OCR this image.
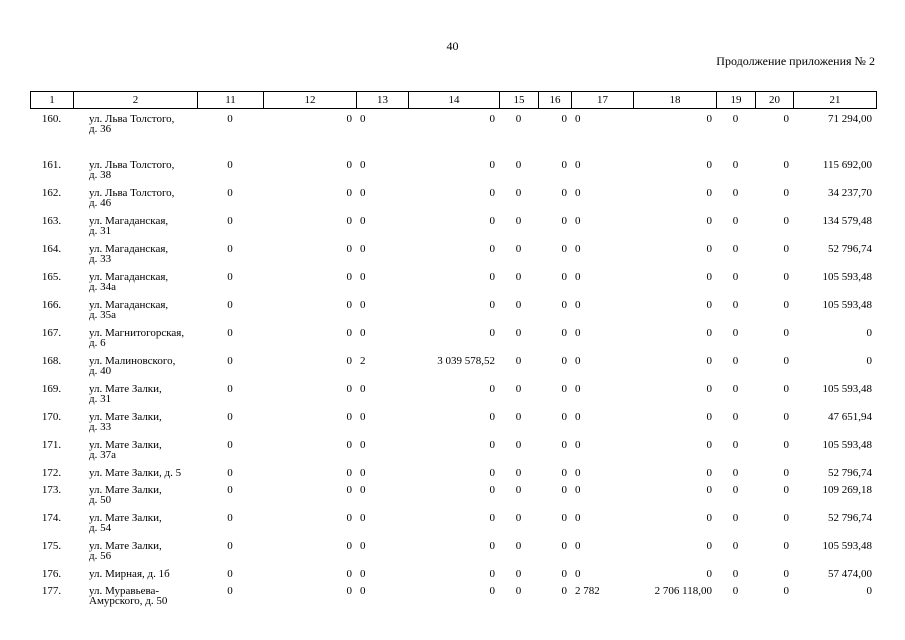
40
Продолжение приложения № 2
1	2	11	12	13	14	15	16	17	18	19	20	21
160.	ул. Льва Толстого,
д. 36	0	0	0	0	0	0	0	0	0	0	71 294,00
161.	ул. Льва Толстого,
д. 38	0	0	0	0	0	0	0	0	0	0	115 692,00
162.	ул. Льва Толстого,
д. 46	0	0	0	0	0	0	0	0	0	0	34 237,70
163.	ул. Магаданская,
д. 31	0	0	0	0	0	0	0	0	0	0	134 579,48
164.	ул. Магаданская,
д. 33	0	0	0	0	0	0	0	0	0	0	52 796,74
165.	ул. Магаданская,
д. 34а	0	0	0	0	0	0	0	0	0	0	105 593,48
166.	ул. Магаданская,
д. 35а	0	0	0	0	0	0	0	0	0	0	105 593,48
167.	ул. Магнитогорская,
д. 6	0	0	0	0	0	0	0	0	0	0	0
168.	ул. Малиновского,
д. 40	0	0	2	3 039 578,52	0	0	0	0	0	0	0
169.	ул. Мате Залки,
д. 31	0	0	0	0	0	0	0	0	0	0	105 593,48
170.	ул. Мате Залки,
д. 33	0	0	0	0	0	0	0	0	0	0	47 651,94
171.	ул. Мате Залки,
д. 37а	0	0	0	0	0	0	0	0	0	0	105 593,48
172.	ул. Мате Залки, д. 5	0	0	0	0	0	0	0	0	0	0	52 796,74
173.	ул. Мате Залки,
д. 50	0	0	0	0	0	0	0	0	0	0	109 269,18
174.	ул. Мате Залки,
д. 54	0	0	0	0	0	0	0	0	0	0	52 796,74
175.	ул. Мате Залки,
д. 56	0	0	0	0	0	0	0	0	0	0	105 593,48
176.	ул. Мирная, д. 1б	0	0	0	0	0	0	0	0	0	0	57 474,00
177.	ул. Муравьева-
Амурского, д. 50	0	0	0	0	0	0	2 782	2 706 118,00	0	0	0
